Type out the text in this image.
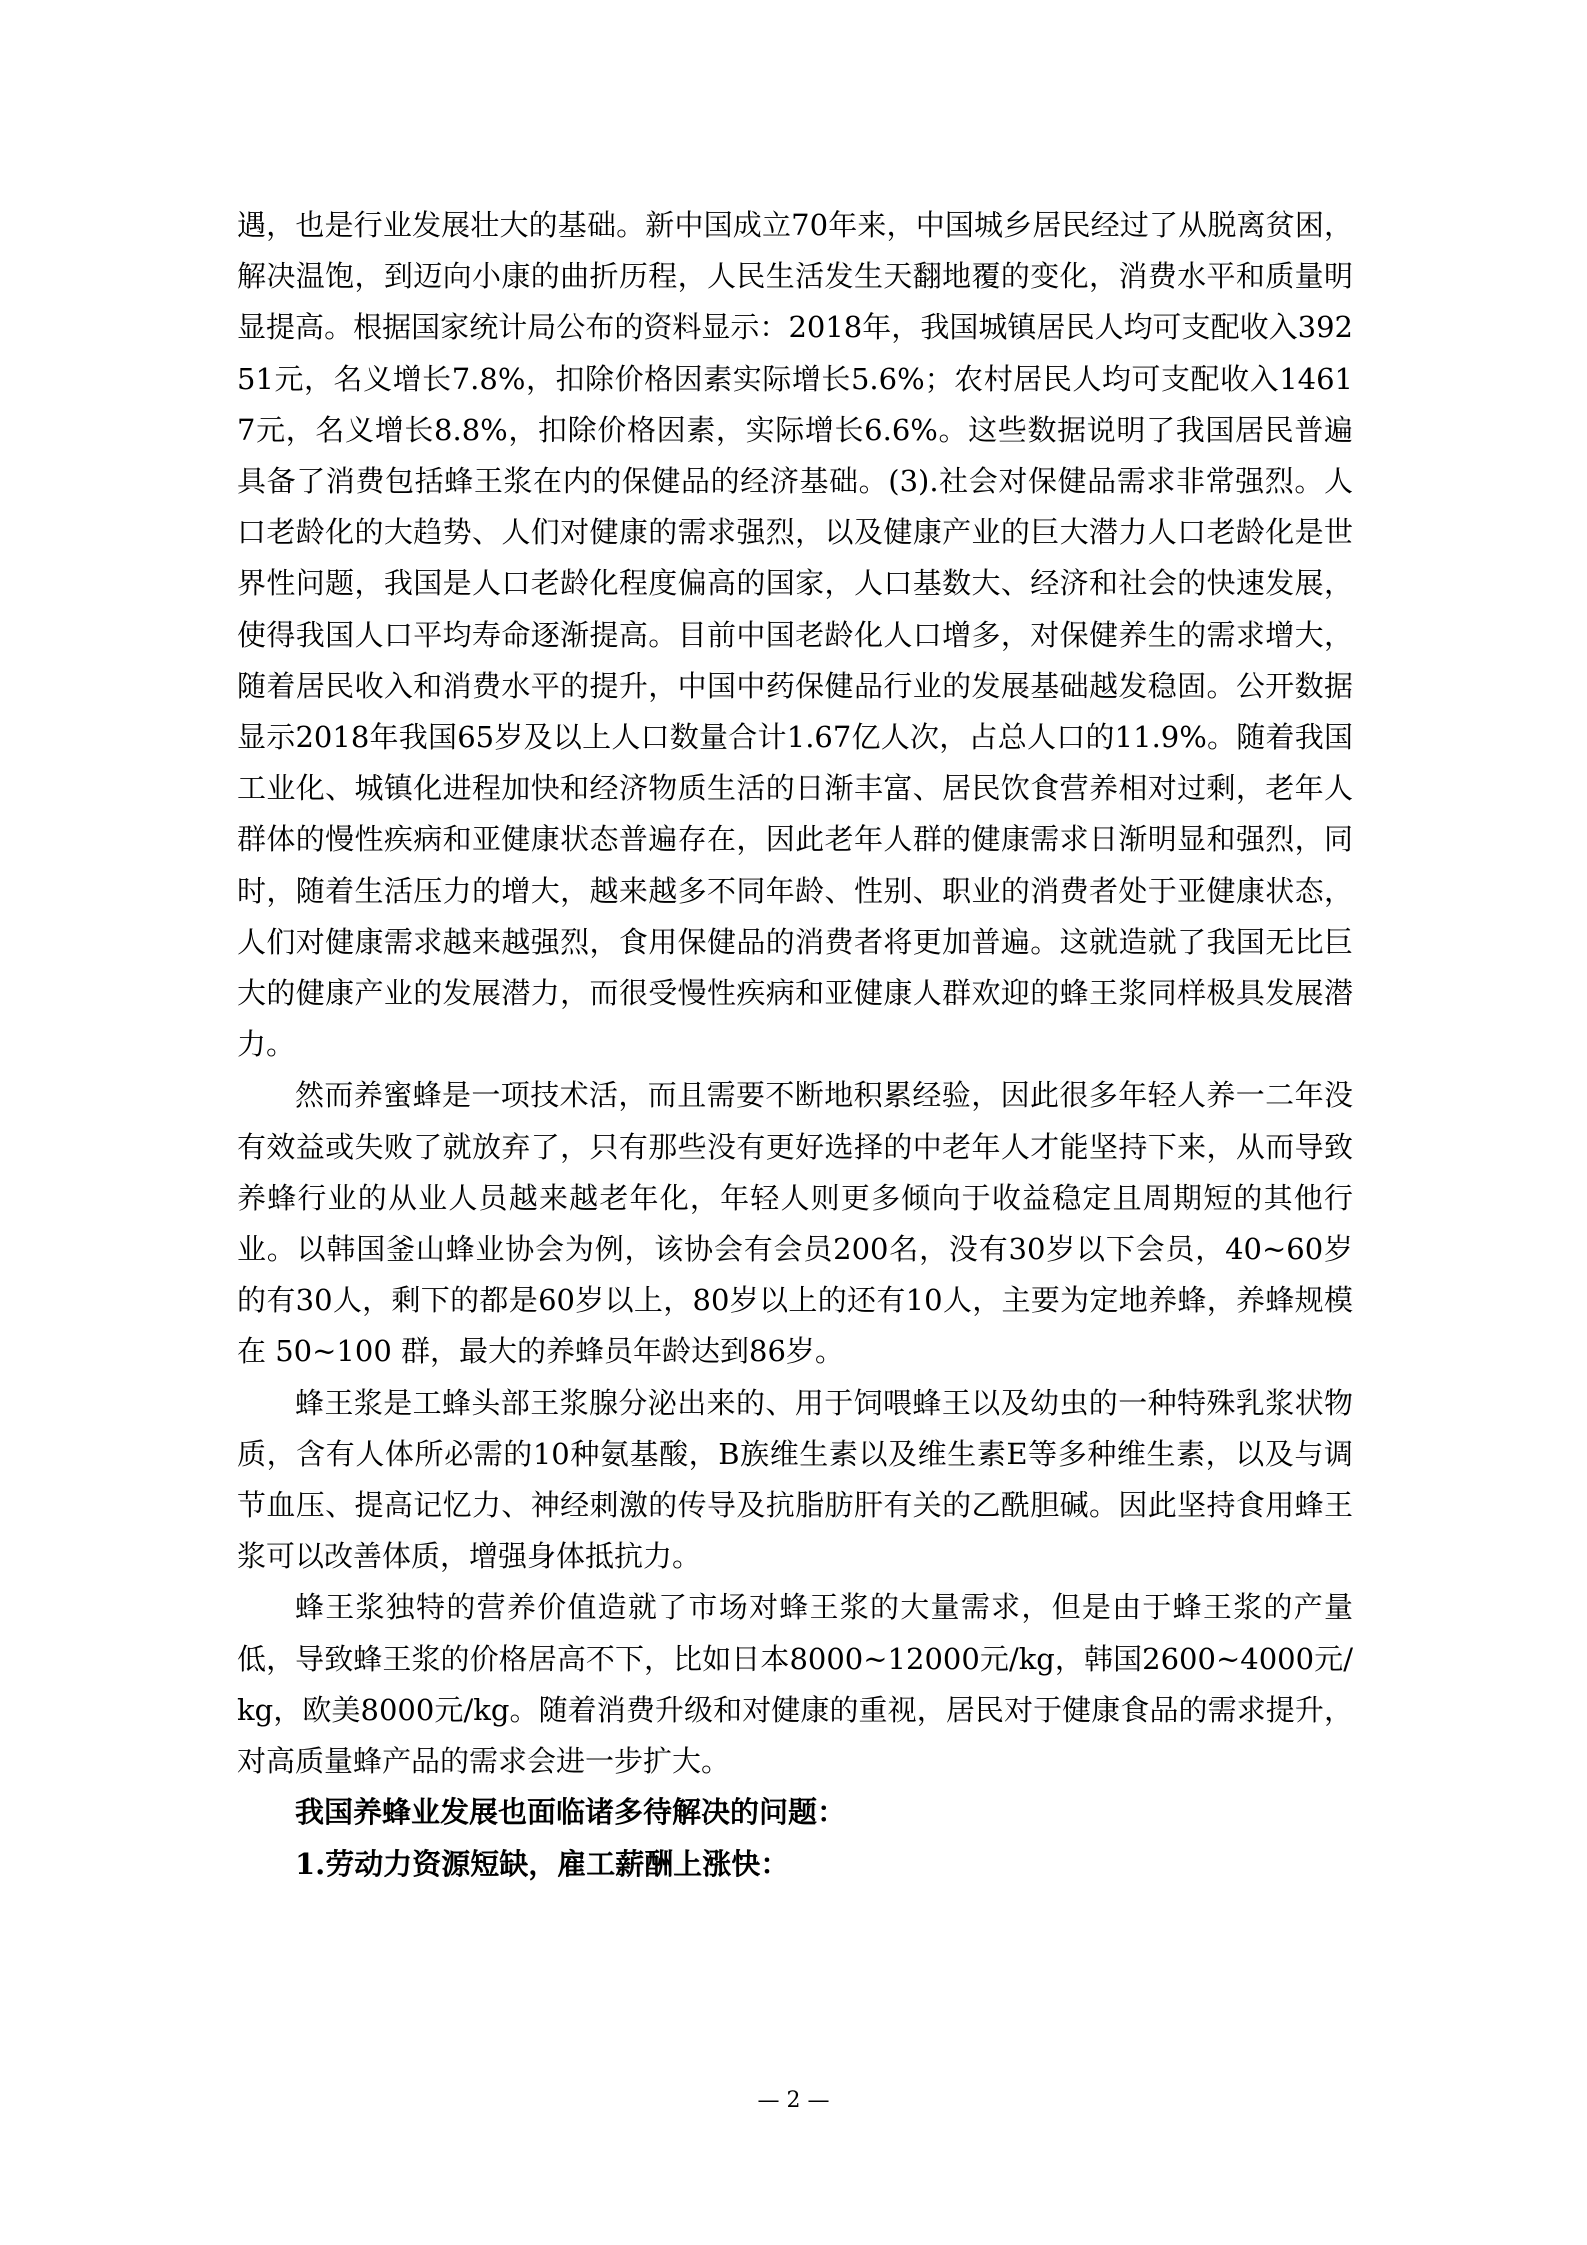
遇，也是行业发展壮大的基础。新中国成立70年来，中国城乡居民经过了从脱离贫困，解决温饱，到迈向小康的曲折历程，人民生活发生天翻地覆的变化，消费水平和质量明显提高。根据国家统计局公布的资料显示：2018年，我国城镇居民人均可支配收入39251元，名义增长7.8%，扣除价格因素实际增长5.6%；农村居民人均可支配收入14617元，名义增长8.8%，扣除价格因素，实际增长6.6%。这些数据说明了我国居民普遍具备了消费包括蜂王浆在内的保健品的经济基础。(3).社会对保健品需求非常强烈。人口老龄化的大趋势、人们对健康的需求强烈，以及健康产业的巨大潜力人口老龄化是世界性问题，我国是人口老龄化程度偏高的国家，人口基数大、经济和社会的快速发展，使得我国人口平均寿命逐渐提高。目前中国老龄化人口增多，对保健养生的需求增大，随着居民收入和消费水平的提升，中国中药保健品行业的发展基础越发稳固。公开数据显示2018年我国65岁及以上人口数量合计1.67亿人次，占总人口的11.9%。随着我国工业化、城镇化进程加快和经济物质生活的日渐丰富、居民饮食营养相对过剩，老年人群体的慢性疾病和亚健康状态普遍存在，因此老年人群的健康需求日渐明显和强烈，同时，随着生活压力的增大，越来越多不同年龄、性别、职业的消费者处于亚健康状态，人们对健康需求越来越强烈，食用保健品的消费者将更加普遍。这就造就了我国无比巨大的健康产业的发展潜力，而很受慢性疾病和亚健康人群欢迎的蜂王浆同样极具发展潜力。

然而养蜜蜂是一项技术活，而且需要不断地积累经验，因此很多年轻人养一二年没有效益或失败了就放弃了，只有那些没有更好选择的中老年人才能坚持下来，从而导致养蜂行业的从业人员越来越老年化，年轻人则更多倾向于收益稳定且周期短的其他行业。以韩国釜山蜂业协会为例，该协会有会员200名，没有30岁以下会员，40~60岁的有30人，剩下的都是60岁以上，80岁以上的还有10人，主要为定地养蜂，养蜂规模在 50~100 群，最大的养蜂员年龄达到86岁。

蜂王浆是工蜂头部王浆腺分泌出来的、用于饲喂蜂王以及幼虫的一种特殊乳浆状物质，含有人体所必需的10种氨基酸，B族维生素以及维生素E等多种维生素，以及与调节血压、提高记忆力、神经刺激的传导及抗脂肪肝有关的乙酰胆碱。因此坚持食用蜂王浆可以改善体质，增强身体抵抗力。

蜂王浆独特的营养价值造就了市场对蜂王浆的大量需求，但是由于蜂王浆的产量低，导致蜂王浆的价格居高不下，比如日本8000~12000元/kg，韩国2600~4000元/kg，欧美8000元/kg。随着消费升级和对健康的重视，居民对于健康食品的需求提升，对高质量蜂产品的需求会进一步扩大。

我国养蜂业发展也面临诸多待解决的问题：

1.劳动力资源短缺，雇工薪酬上涨快：

— 2 —
